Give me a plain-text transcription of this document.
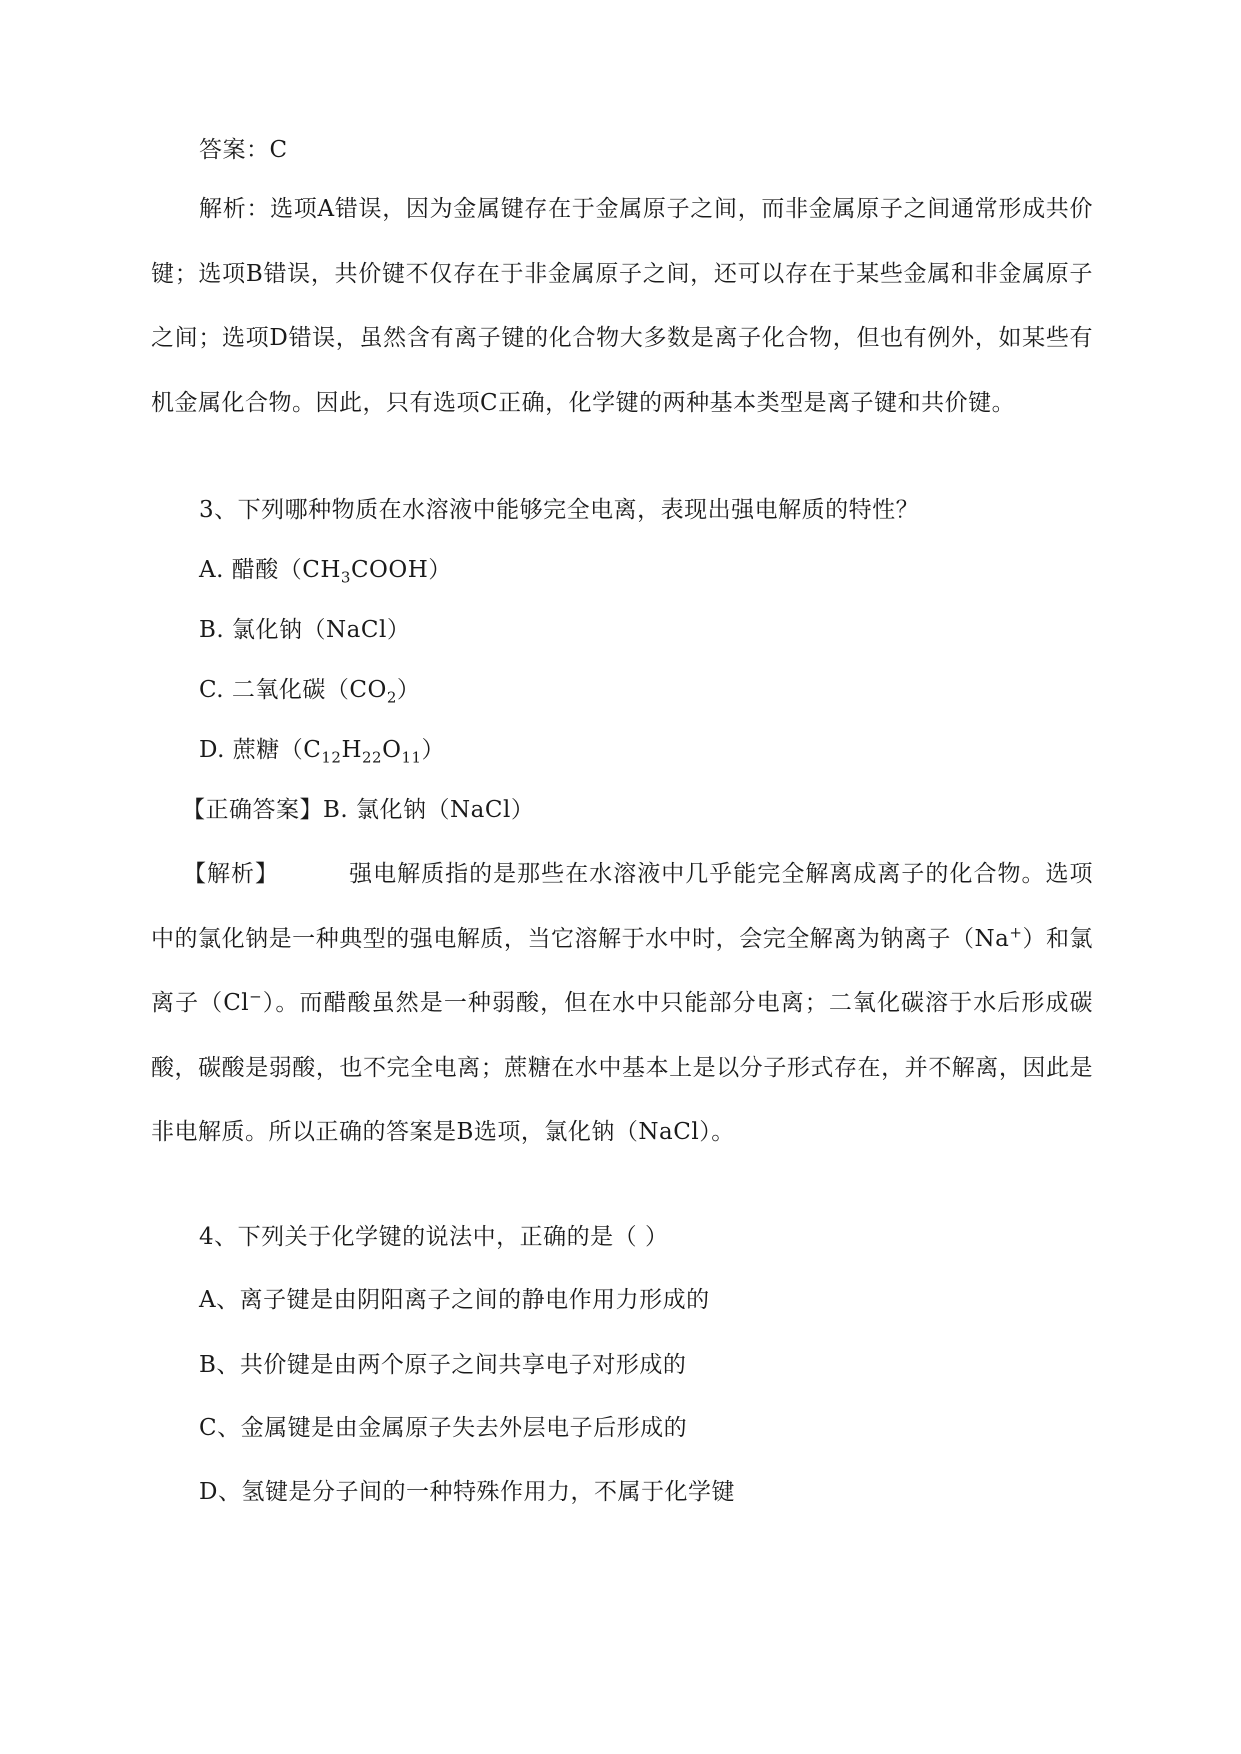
答案：C
解析：选项A错误，因为金属键存在于金属原子之间，而非金属原子之间通常形成共价键；选项B错误，共价键不仅存在于非金属原子之间，还可以存在于某些金属和非金属原子之间；选项D错误，虽然含有离子键的化合物大多数是离子化合物，但也有例外，如某些有机金属化合物。因此，只有选项C正确，化学键的两种基本类型是离子键和共价键。
3、下列哪种物质在水溶液中能够完全电离，表现出强电解质的特性？
A. 醋酸$(CH_3COOH)$
B. 氯化钠（NaCl）
C. 二氧化碳$(CO_2)$
D. 蔗糖$(C_{12}H_{22}O_{11})$
【正确答案】B. 氯化钠（NaCl）
【解析】	强电解质指的是那些在水溶液中几乎能完全解离成离子的化合物。选项中的氯化钠是一种典型的强电解质，当它溶解于水中时，会完全解离为钠离子（Na+）和氯离子（Cl−）。而醋酸虽然是一种弱酸，但在水中只能部分电离；二氧化碳溶于水后形成碳酸，碳酸是弱酸，也不完全电离；蔗糖在水中基本上是以分子形式存在，并不解离，因此是非电解质。所以正确的答案是B选项，氯化钠（NaCl）。
4、下列关于化学键的说法中，正确的是（ ）
A、离子键是由阴阳离子之间的静电作用力形成的
B、共价键是由两个原子之间共享电子对形成的
C、金属键是由金属原子失去外层电子后形成的
D、氢键是分子间的一种特殊作用力，不属于化学键
